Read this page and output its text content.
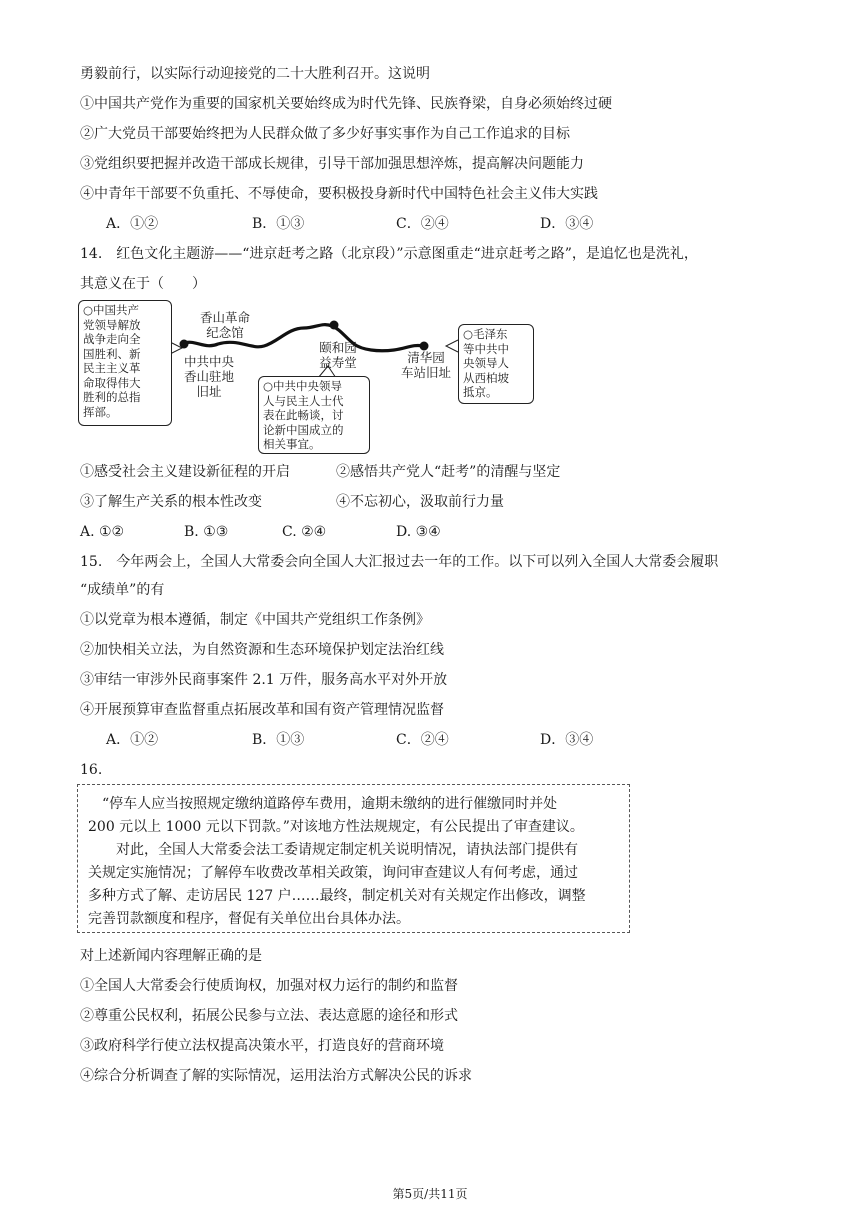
勇毅前行，以实际行动迎接党的二十大胜利召开。这说明
①中国共产党作为重要的国家机关要始终成为时代先锋、民族脊梁，自身必须始终过硬
②广大党员干部要始终把为人民群众做了多少好事实事作为自己工作追求的目标
③党组织要把握并改造干部成长规律，引导干部加强思想淬炼，提高解决问题能力
④中青年干部要不负重托、不辱使命，要积极投身新时代中国特色社会主义伟大实践
A．①②	B．①③	C．②④	D．③④
14.　红色文化主题游——“进京赶考之路（北京段）”示意图重走“进京赶考之路”，是追忆也是洗礼，
其意义在于（　　）
○中国共产
党领导解放
战争走向全
国胜利、新
民主主义革
命取得伟大
胜利的总指
挥部。
香山革命
纪念馆
中共中央
香山驻地
旧址
颐和园
益寿堂	清华园
车站旧址
○中共中央领导
人与民主人士代
表在此畅谈，讨
论新中国成立的
相关事宜。
○毛泽东
等中共中
央领导人
从西柏坡
抵京。
①感受社会主义建设新征程的开启	②感悟共产党人“赶考”的清醒与坚定
③了解生产关系的根本性改变	④不忘初心，汲取前行力量
A. ①②	B. ①③	C. ②④	D. ③④
15.　今年两会上，全国人大常委会向全国人大汇报过去一年的工作。以下可以列入全国人大常委会履职
“成绩单”的有
①以党章为根本遵循，制定《中国共产党组织工作条例》
②加快相关立法，为自然资源和生态环境保护划定法治红线
③审结一审涉外民商事案件 2.1 万件，服务高水平对外开放
④开展预算审查监督重点拓展改革和国有资产管理情况监督
A．①②	B．①③	C．②④	D．③④
16.
　“停车人应当按照规定缴纳道路停车费用，逾期未缴纳的进行催缴同时并处
200 元以上 1000 元以下罚款。”对该地方性法规规定，有公民提出了审查建议。
　　对此，全国人大常委会法工委请规定制定机关说明情况，请执法部门提供有
关规定实施情况；了解停车收费改革相关政策，询问审查建议人有何考虑，通过
多种方式了解、走访居民 127 户……最终，制定机关对有关规定作出修改，调整
完善罚款额度和程序，督促有关单位出台具体办法。
对上述新闻内容理解正确的是
①全国人大常委会行使质询权，加强对权力运行的制约和监督
②尊重公民权利，拓展公民参与立法、表达意愿的途径和形式
③政府科学行使立法权提高决策水平，打造良好的营商环境
④综合分析调查了解的实际情况，运用法治方式解决公民的诉求
第5页/共11页
